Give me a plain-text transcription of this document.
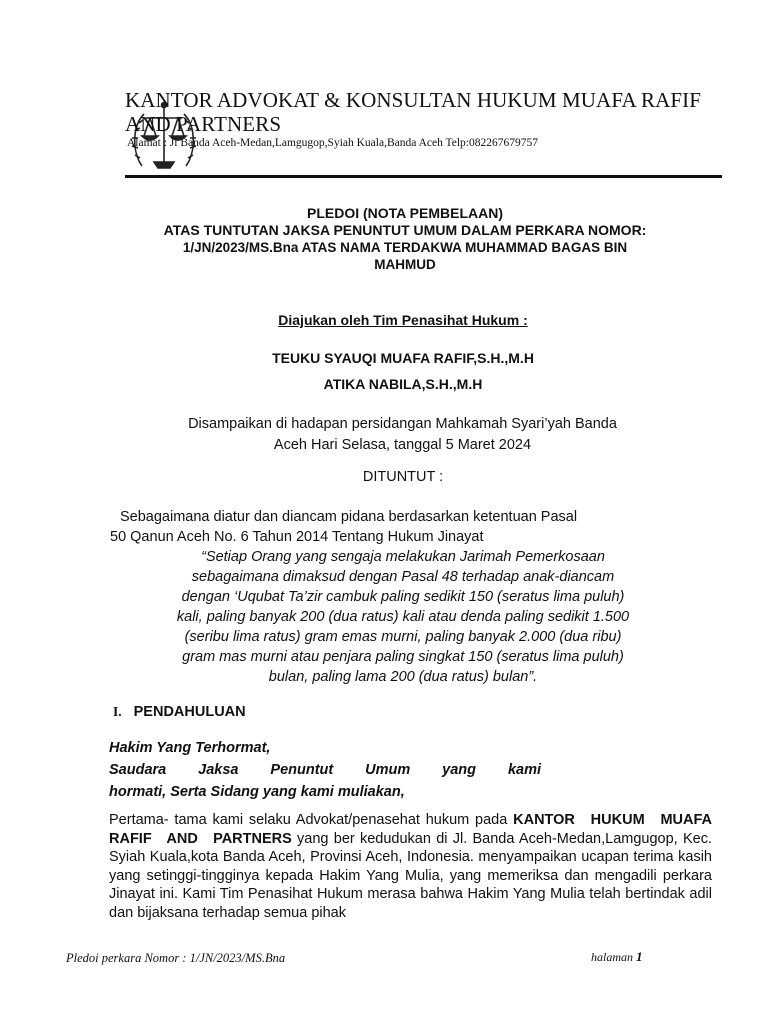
KANTOR ADVOKAT & KONSULTAN HUKUM MUAFA RAFIF AND PARTNERS
Alamat : Jl Banda Aceh-Medan,Lamgugop,Syiah Kuala,Banda Aceh Telp:082267679757
PLEDOI (NOTA PEMBELAAN)
ATAS TUNTUTAN JAKSA PENUNTUT UMUM DALAM PERKARA NOMOR:
1/JN/2023/MS.Bna ATAS NAMA TERDAKWA MUHAMMAD BAGAS BIN
MAHMUD
Diajukan oleh Tim Penasihat Hukum :
TEUKU SYAUQI MUAFA RAFIF,S.H.,M.H
ATIKA NABILA,S.H.,M.H
Disampaikan di hadapan persidangan Mahkamah Syari’yah Banda
Aceh Hari Selasa, tanggal 5 Maret 2024
DITUNTUT :
Sebagaimana diatur dan diancam pidana berdasarkan ketentuan Pasal
50 Qanun Aceh No. 6 Tahun 2014 Tentang Hukum Jinayat
“Setiap Orang yang sengaja melakukan Jarimah Pemerkosaan
sebagaimana dimaksud dengan Pasal 48 terhadap anak-diancam
dengan ‘Uqubat Ta’zir cambuk paling sedikit 150 (seratus lima puluh)
kali, paling banyak 200 (dua ratus) kali atau denda paling sedikit 1.500
(seribu lima ratus) gram emas murni, paling banyak 2.000 (dua ribu)
gram mas murni atau penjara paling singkat 150 (seratus lima puluh)
bulan, paling lama 200 (dua ratus) bulan”.
I. PENDAHULUAN
Hakim Yang Terhormat,
Saudara Jaksa Penuntut Umum yang kami
hormati, Serta Sidang yang kami muliakan,
Pertama- tama kami selaku Advokat/penasehat hukum pada KANTOR HUKUM MUAFA RAFIF AND PARTNERS yang ber kedudukan di Jl. Banda Aceh-Medan,Lamgugop, Kec. Syiah Kuala,kota Banda Aceh, Provinsi Aceh, Indonesia. menyampaikan ucapan terima kasih yang setinggi-tingginya kepada Hakim Yang Mulia, yang memeriksa dan mengadili perkara Jinayat ini. Kami Tim Penasihat Hukum merasa bahwa Hakim Yang Mulia telah bertindak adil dan bijaksana terhadap semua pihak
Pledoi perkara Nomor : 1/JN/2023/MS.Bna	halaman 1
